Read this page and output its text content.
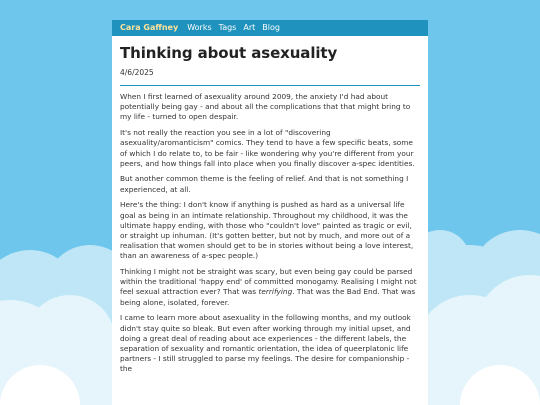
Cara Gaffney Works Tags Art Blog
Thinking about asexuality
4/6/2025

When I first learned of asexuality around 2009, the anxiety I'd had about potentially being gay - and about all the complications that that might bring to my life - turned to open despair.

It's not really the reaction you see in a lot of "discovering asexuality/aromanticism" comics. They tend to have a few specific beats, some of which I do relate to, to be fair - like wondering why you're different from your peers, and how things fall into place when you finally discover a-spec identities.

But another common theme is the feeling of relief. And that is not something I experienced, at all.

Here's the thing: I don't know if anything is pushed as hard as a universal life goal as being in an intimate relationship. Throughout my childhood, it was the ultimate happy ending, with those who "couldn't love" painted as tragic or evil, or straight up inhuman. (It's gotten better, but not by much, and more out of a realisation that women should get to be in stories without being a love interest, than an awareness of a-spec people.)

Thinking I might not be straight was scary, but even being gay could be parsed within the traditional 'happy end' of committed monogamy. Realising I might not feel sexual attraction ever? That was terrifying. That was the Bad End. That was being alone, isolated, forever.

I came to learn more about asexuality in the following months, and my outlook didn't stay quite so bleak. But even after working through my initial upset, and doing a great deal of reading about ace experiences - the different labels, the separation of sexuality and romantic orientation, the idea of queerplatonic life partners - I still struggled to parse my feelings. The desire for companionship - the
